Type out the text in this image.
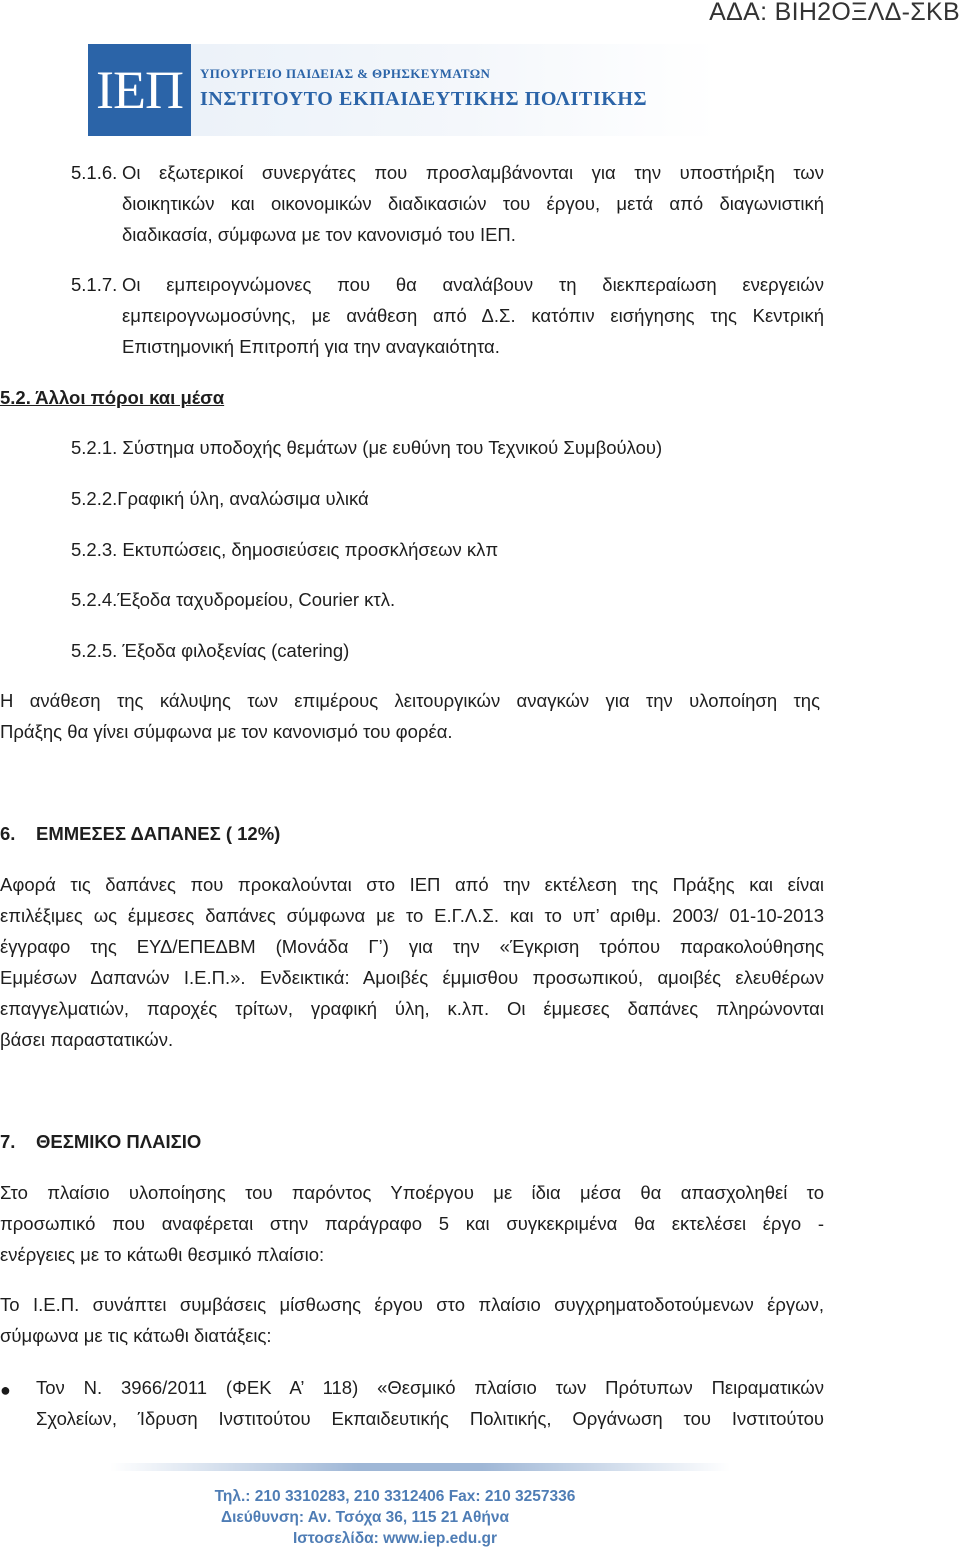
ΑΔΑ: ΒΙΗ2ΟΞΛΔ-ΣΚΒ
ΙΕΠ	ΥΠΟΥΡΓΕΙΟ ΠΑΙΔΕΙΑΣ & ΘΡΗΣΚΕΥΜΑΤΩΝ
ΙΝΣΤΙΤΟΥΤΟ ΕΚΠΑΙΔΕΥΤΙΚΗΣ ΠΟΛΙΤΙΚΗΣ
5.1.6. Οι εξωτερικοί συνεργάτες που προσλαμβάνονται για την υποστήριξη των
διοικητικών και οικονομικών διαδικασιών του έργου, μετά από διαγωνιστική
διαδικασία, σύμφωνα με τον κανονισμό του ΙΕΠ.
5.1.7. Οι εμπειρογνώμονες που θα αναλάβουν τη διεκπεραίωση ενεργειών
εμπειρογνωμοσύνης, με ανάθεση από Δ.Σ. κατόπιν εισήγησης της Κεντρική
Επιστημονική Επιτροπή για την αναγκαιότητα.
5.2. Άλλοι πόροι και μέσα
5.2.1. Σύστημα υποδοχής θεμάτων (με ευθύνη του Τεχνικού Συμβούλου)
5.2.2.Γραφική ύλη, αναλώσιμα υλικά
5.2.3. Εκτυπώσεις, δημοσιεύσεις προσκλήσεων κλπ
5.2.4.Έξοδα ταχυδρομείου, Courier κτλ.
5.2.5. Έξοδα φιλοξενίας (catering)
Η ανάθεση της κάλυψης των επιμέρους λειτουργικών αναγκών για την υλοποίηση της
Πράξης θα γίνει σύμφωνα με τον κανονισμό του φορέα.
6. ΕΜΜΕΣΕΣ ΔΑΠΑΝΕΣ ( 12%)
Αφορά τις δαπάνες που προκαλούνται στο ΙΕΠ από την εκτέλεση της Πράξης και είναι
επιλέξιμες ως έμμεσες δαπάνες σύμφωνα με το Ε.Γ.Λ.Σ. και το υπ’ αριθμ. 2003/ 01-10-2013
έγγραφο της ΕΥΔ/ΕΠΕΔΒΜ (Μονάδα Γ’) για την «Έγκριση τρόπου παρακολούθησης
Εμμέσων Δαπανών Ι.Ε.Π.». Ενδεικτικά: Αμοιβές έμμισθου προσωπικού, αμοιβές ελευθέρων
επαγγελματιών, παροχές τρίτων, γραφική ύλη, κ.λπ. Οι έμμεσες δαπάνες πληρώνονται
βάσει παραστατικών.
7. ΘΕΣΜΙΚΟ ΠΛΑΙΣΙΟ
Στο πλαίσιο υλοποίησης του παρόντος Υποέργου με ίδια μέσα θα απασχοληθεί το
προσωπικό που αναφέρεται στην παράγραφο 5 και συγκεκριμένα θα εκτελέσει έργο -
ενέργειες με το κάτωθι θεσμικό πλαίσιο:
Το Ι.Ε.Π. συνάπτει συμβάσεις μίσθωσης έργου στο πλαίσιο συγχρηματοδοτούμενων έργων,
σύμφωνα με τις κάτωθι διατάξεις:
● Τον Ν. 3966/2011 (ΦΕΚ Α’ 118) «Θεσμικό πλαίσιο των Πρότυπων Πειραματικών
Σχολείων, Ίδρυση Ινστιτούτου Εκπαιδευτικής Πολιτικής, Οργάνωση του Ινστιτούτου
Τηλ.: 210 3310283, 210 3312406 Fax: 210 3257336
Διεύθυνση: Αν. Τσόχα 36, 115 21 Αθήνα
Ιστοσελίδα: www.iep.edu.gr
